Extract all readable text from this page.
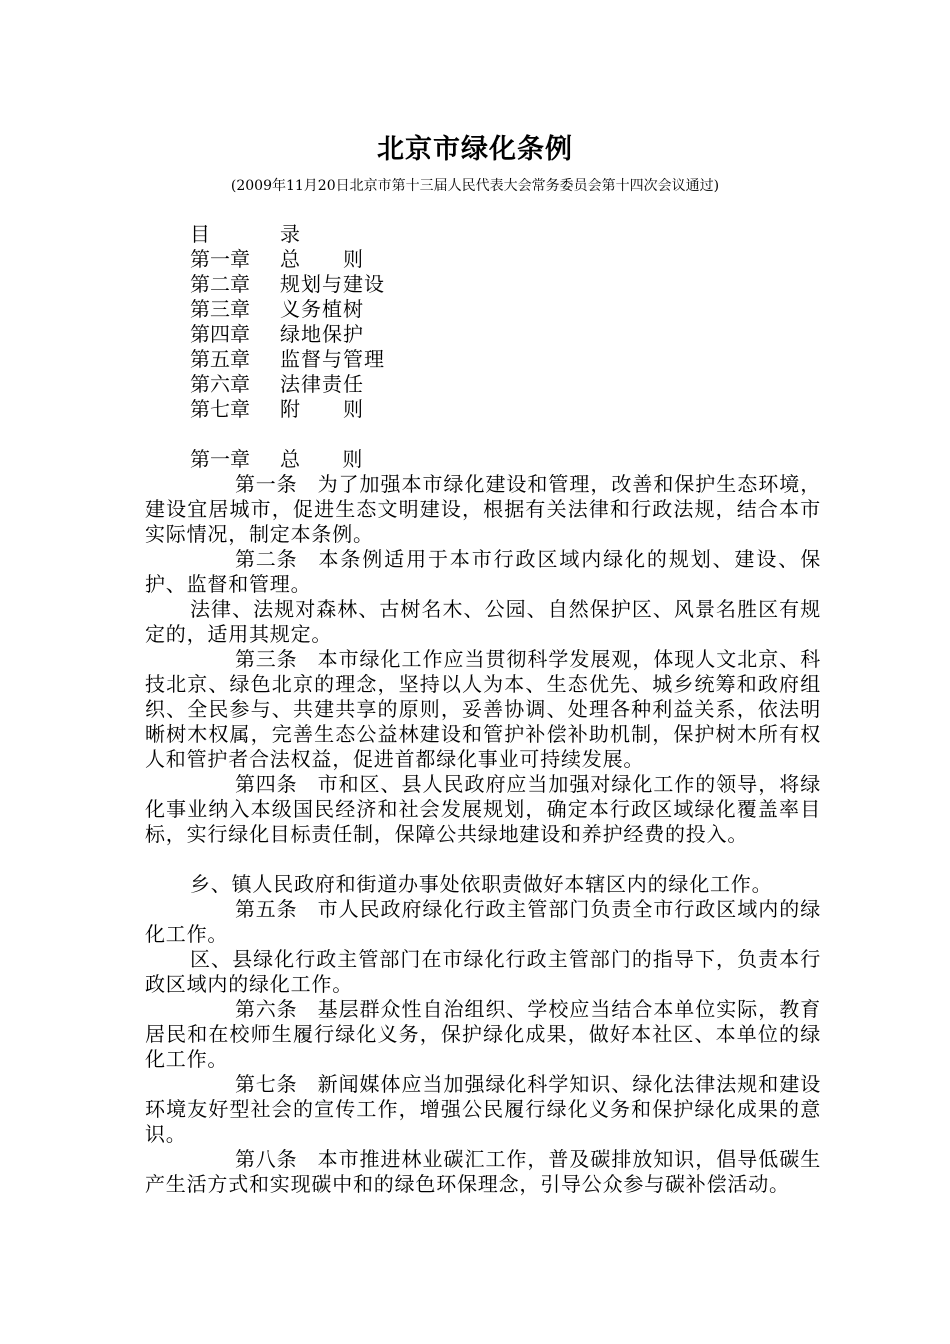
北京市绿化条例
(2009年11月20日北京市第十三届人民代表大会常务委员会第十四次会议通过)
目	录
第一章 总　　则
第二章 规划与建设
第三章 义务植树
第四章 绿地保护
第五章 监督与管理
第六章 法律责任
第七章 附　　则
第一章 总　　则

第一条 为了加强本市绿化建设和管理，改善和保护生态环境，建设宜居城市，促进生态文明建设，根据有关法律和行政法规，结合本市实际情况，制定本条例。

第二条 本条例适用于本市行政区域内绿化的规划、建设、保护、监督和管理。

法律、法规对森林、古树名木、公园、自然保护区、风景名胜区有规定的，适用其规定。

第三条 本市绿化工作应当贯彻科学发展观，体现人文北京、科技北京、绿色北京的理念，坚持以人为本、生态优先、城乡统筹和政府组织、全民参与、共建共享的原则，妥善协调、处理各种利益关系，依法明晰树木权属，完善生态公益林建设和管护补偿补助机制，保护树木所有权人和管护者合法权益，促进首都绿化事业可持续发展。

第四条 市和区、县人民政府应当加强对绿化工作的领导，将绿化事业纳入本级国民经济和社会发展规划，确定本行政区域绿化覆盖率目标，实行绿化目标责任制，保障公共绿地建设和养护经费的投入。

乡、镇人民政府和街道办事处依职责做好本辖区内的绿化工作。

第五条 市人民政府绿化行政主管部门负责全市行政区域内的绿化工作。

区、县绿化行政主管部门在市绿化行政主管部门的指导下，负责本行政区域内的绿化工作。

第六条 基层群众性自治组织、学校应当结合本单位实际，教育居民和在校师生履行绿化义务，保护绿化成果，做好本社区、本单位的绿化工作。

第七条 新闻媒体应当加强绿化科学知识、绿化法律法规和建设环境友好型社会的宣传工作，增强公民履行绿化义务和保护绿化成果的意识。

第八条 本市推进林业碳汇工作，普及碳排放知识，倡导低碳生产生活方式和实现碳中和的绿色环保理念，引导公众参与碳补偿活动。
